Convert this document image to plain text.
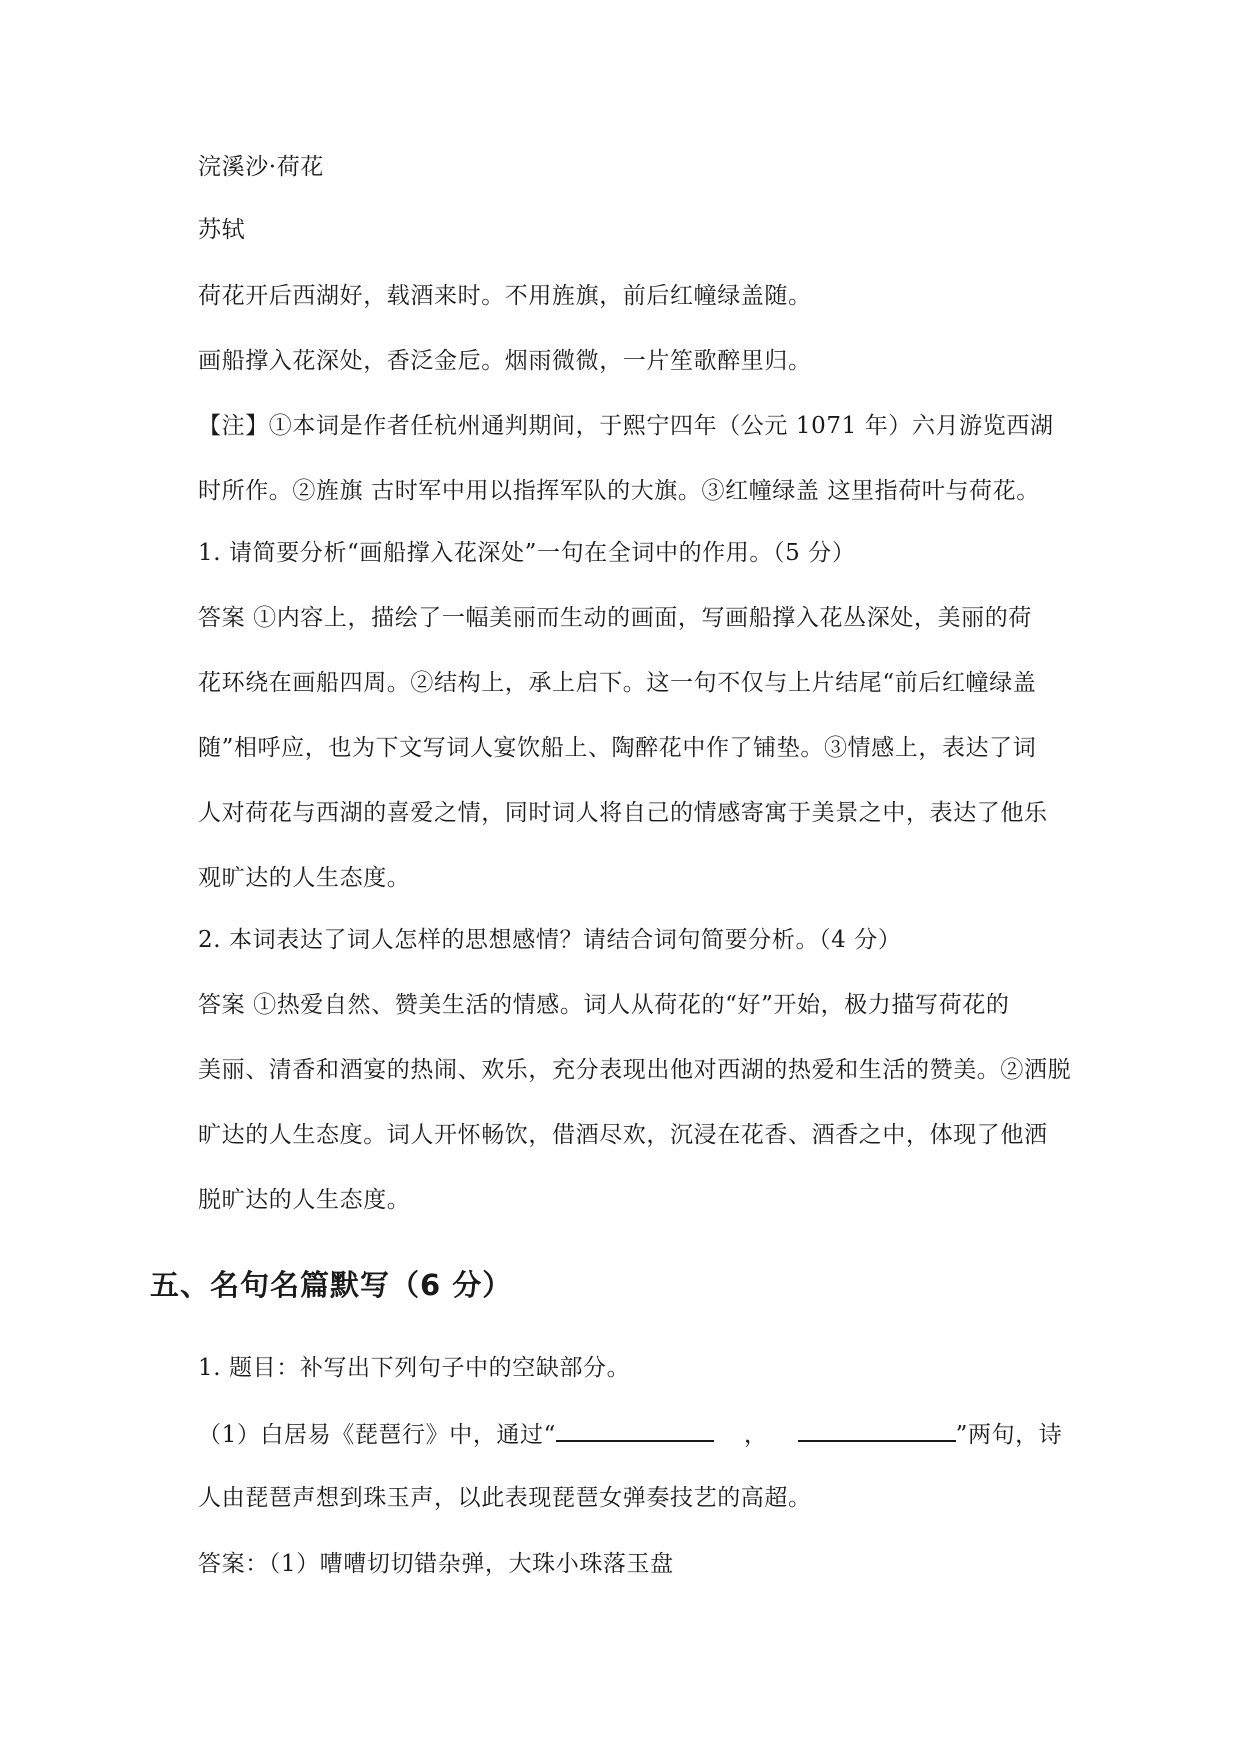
浣溪沙·荷花
苏轼
荷花开后西湖好，载酒来时。不用旌旗，前后红幢绿盖随。
画船撑入花深处，香泛金卮。烟雨微微，一片笙歌醉里归。
【注】①本词是作者任杭州通判期间，于熙宁四年（公元 1071 年）六月游览西湖
时所作。②旌旗 古时军中用以指挥军队的大旗。③红幢绿盖 这里指荷叶与荷花。
1. 请简要分析“画船撑入花深处”一句在全词中的作用。（5 分）
答案 ①内容上，描绘了一幅美丽而生动的画面，写画船撑入花丛深处，美丽的荷
花环绕在画船四周。②结构上，承上启下。这一句不仅与上片结尾“前后红幢绿盖
随”相呼应，也为下文写词人宴饮船上、陶醉花中作了铺垫。③情感上，表达了词
人对荷花与西湖的喜爱之情，同时词人将自己的情感寄寓于美景之中，表达了他乐
观旷达的人生态度。
2. 本词表达了词人怎样的思想感情？请结合词句简要分析。（4 分）
答案 ①热爱自然、赞美生活的情感。词人从荷花的“好”开始，极力描写荷花的
美丽、清香和酒宴的热闹、欢乐，充分表现出他对西湖的热爱和生活的赞美。②洒脱
旷达的人生态度。词人开怀畅饮，借酒尽欢，沉浸在花香、酒香之中，体现了他洒
脱旷达的人生态度。
五、名句名篇默写（6 分）
1. 题目：补写出下列句子中的空缺部分。
（1）白居易《琵琶行》中，通过“	，	”两句，诗
人由琵琶声想到珠玉声，以此表现琵琶女弹奏技艺的高超。
答案：（1）嘈嘈切切错杂弹，大珠小珠落玉盘
